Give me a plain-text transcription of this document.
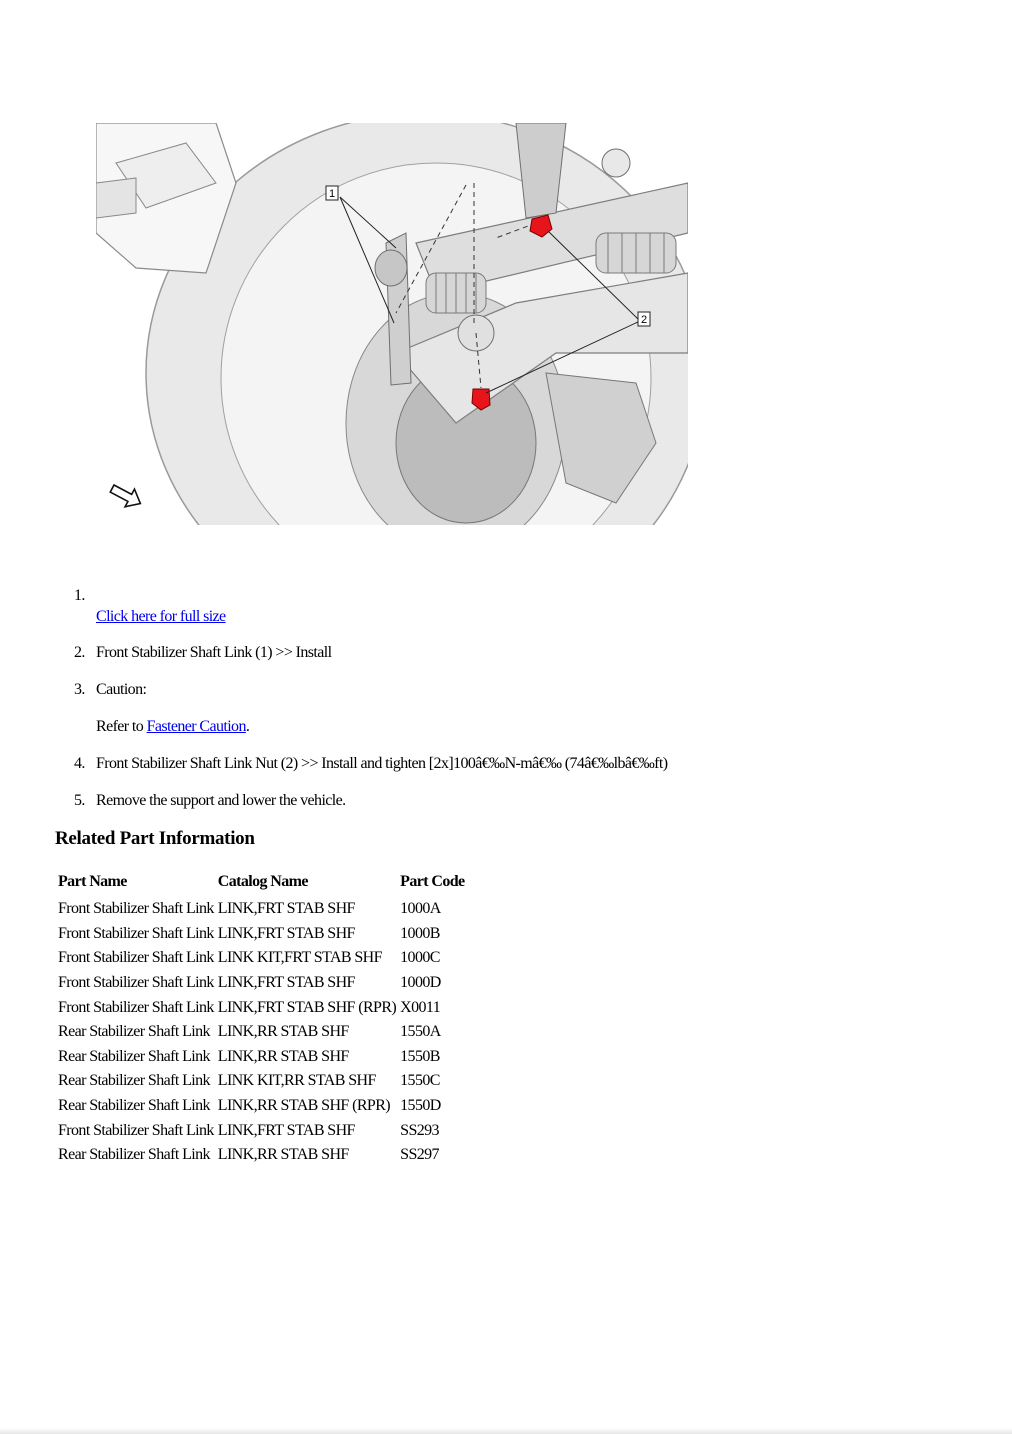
1
2
1.
Click here for full size
2. Front Stabilizer Shaft Link (1) >> Install
3. Caution:
Refer to Fastener Caution.
4. Front Stabilizer Shaft Link Nut (2) >> Install and tighten [2x]100â€‰N-mâ€‰ (74â€‰lbâ€‰ft)
5. Remove the support and lower the vehicle.
Related Part Information
Part Name	Catalog Name	Part Code
Front Stabilizer Shaft Link	LINK,FRT STAB SHF	1000A
Front Stabilizer Shaft Link	LINK,FRT STAB SHF	1000B
Front Stabilizer Shaft Link	LINK KIT,FRT STAB SHF	1000C
Front Stabilizer Shaft Link	LINK,FRT STAB SHF	1000D
Front Stabilizer Shaft Link	LINK,FRT STAB SHF (RPR)	X0011
Rear Stabilizer Shaft Link	LINK,RR STAB SHF	1550A
Rear Stabilizer Shaft Link	LINK,RR STAB SHF	1550B
Rear Stabilizer Shaft Link	LINK KIT,RR STAB SHF	1550C
Rear Stabilizer Shaft Link	LINK,RR STAB SHF (RPR)	1550D
Front Stabilizer Shaft Link	LINK,FRT STAB SHF	SS293
Rear Stabilizer Shaft Link	LINK,RR STAB SHF	SS297
